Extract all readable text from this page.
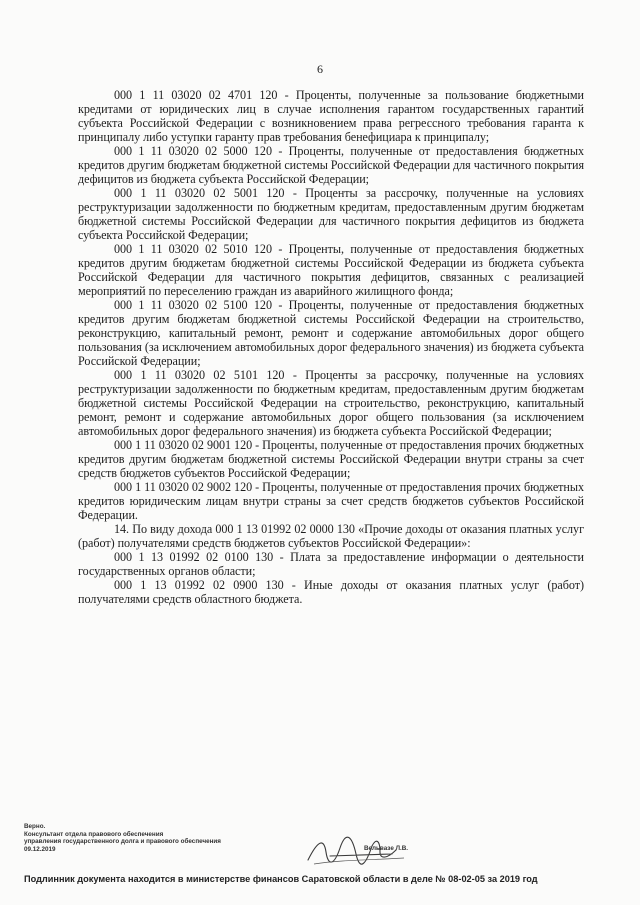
6

000 1 11 03020 02 4701 120 - Проценты, полученные за пользование бюджетными кредитами от юридических лиц в случае исполнения гарантом государственных гарантий субъекта Российской Федерации с возникновением права регрессного требования гаранта к принципалу либо уступки гаранту прав требования бенефициара к принципалу;

000 1 11 03020 02 5000 120 - Проценты, полученные от предоставления бюджетных кредитов другим бюджетам бюджетной системы Российской Федерации для частичного покрытия дефицитов из бюджета субъекта Российской Федерации;

000 1 11 03020 02 5001 120 - Проценты за рассрочку, полученные на условиях реструктуризации задолженности по бюджетным кредитам, предоставленным другим бюджетам бюджетной системы Российской Федерации для частичного покрытия дефицитов из бюджета субъекта Российской Федерации;

000 1 11 03020 02 5010 120 - Проценты, полученные от предоставления бюджетных кредитов другим бюджетам бюджетной системы Российской Федерации из бюджета субъекта Российской Федерации для частичного покрытия дефицитов, связанных с реализацией мероприятий по переселению граждан из аварийного жилищного фонда;

000 1 11 03020 02 5100 120 - Проценты, полученные от предоставления бюджетных кредитов другим бюджетам бюджетной системы Российской Федерации на строительство, реконструкцию, капитальный ремонт, ремонт и содержание автомобильных дорог общего пользования (за исключением автомобильных дорог федерального значения) из бюджета субъекта Российской Федерации;

000 1 11 03020 02 5101 120 - Проценты за рассрочку, полученные на условиях реструктуризации задолженности по бюджетным кредитам, предоставленным другим бюджетам бюджетной системы Российской Федерации на строительство, реконструкцию, капитальный ремонт, ремонт и содержание автомобильных дорог общего пользования (за исключением автомобильных дорог федерального значения) из бюджета субъекта Российской Федерации;

000 1 11 03020 02 9001 120 - Проценты, полученные от предоставления прочих бюджетных кредитов другим бюджетам бюджетной системы Российской Федерации внутри страны за счет средств бюджетов субъектов Российской Федерации;

000 1 11 03020 02 9002 120 - Проценты, полученные от предоставления прочих бюджетных кредитов юридическим лицам внутри страны за счет средств бюджетов субъектов Российской Федерации.

14. По виду дохода 000 1 13 01992 02 0000 130 «Прочие доходы от оказания платных услуг (работ) получателями средств бюджетов субъектов Российской Федерации»:

000 1 13 01992 02 0100 130 - Плата за предоставление информации о деятельности государственных органов области;

000 1 13 01992 02 0900 130 - Иные доходы от оказания платных услуг (работ) получателями средств областного бюджета.

Верно.
Консультант отдела правового обеспечения
управления государственного долга и правового обеспечения
09.12.2019	Вельвазе Л.В.
Подлинник документа находится в министерстве финансов Саратовской области в деле № 08-02-05 за 2019 год
